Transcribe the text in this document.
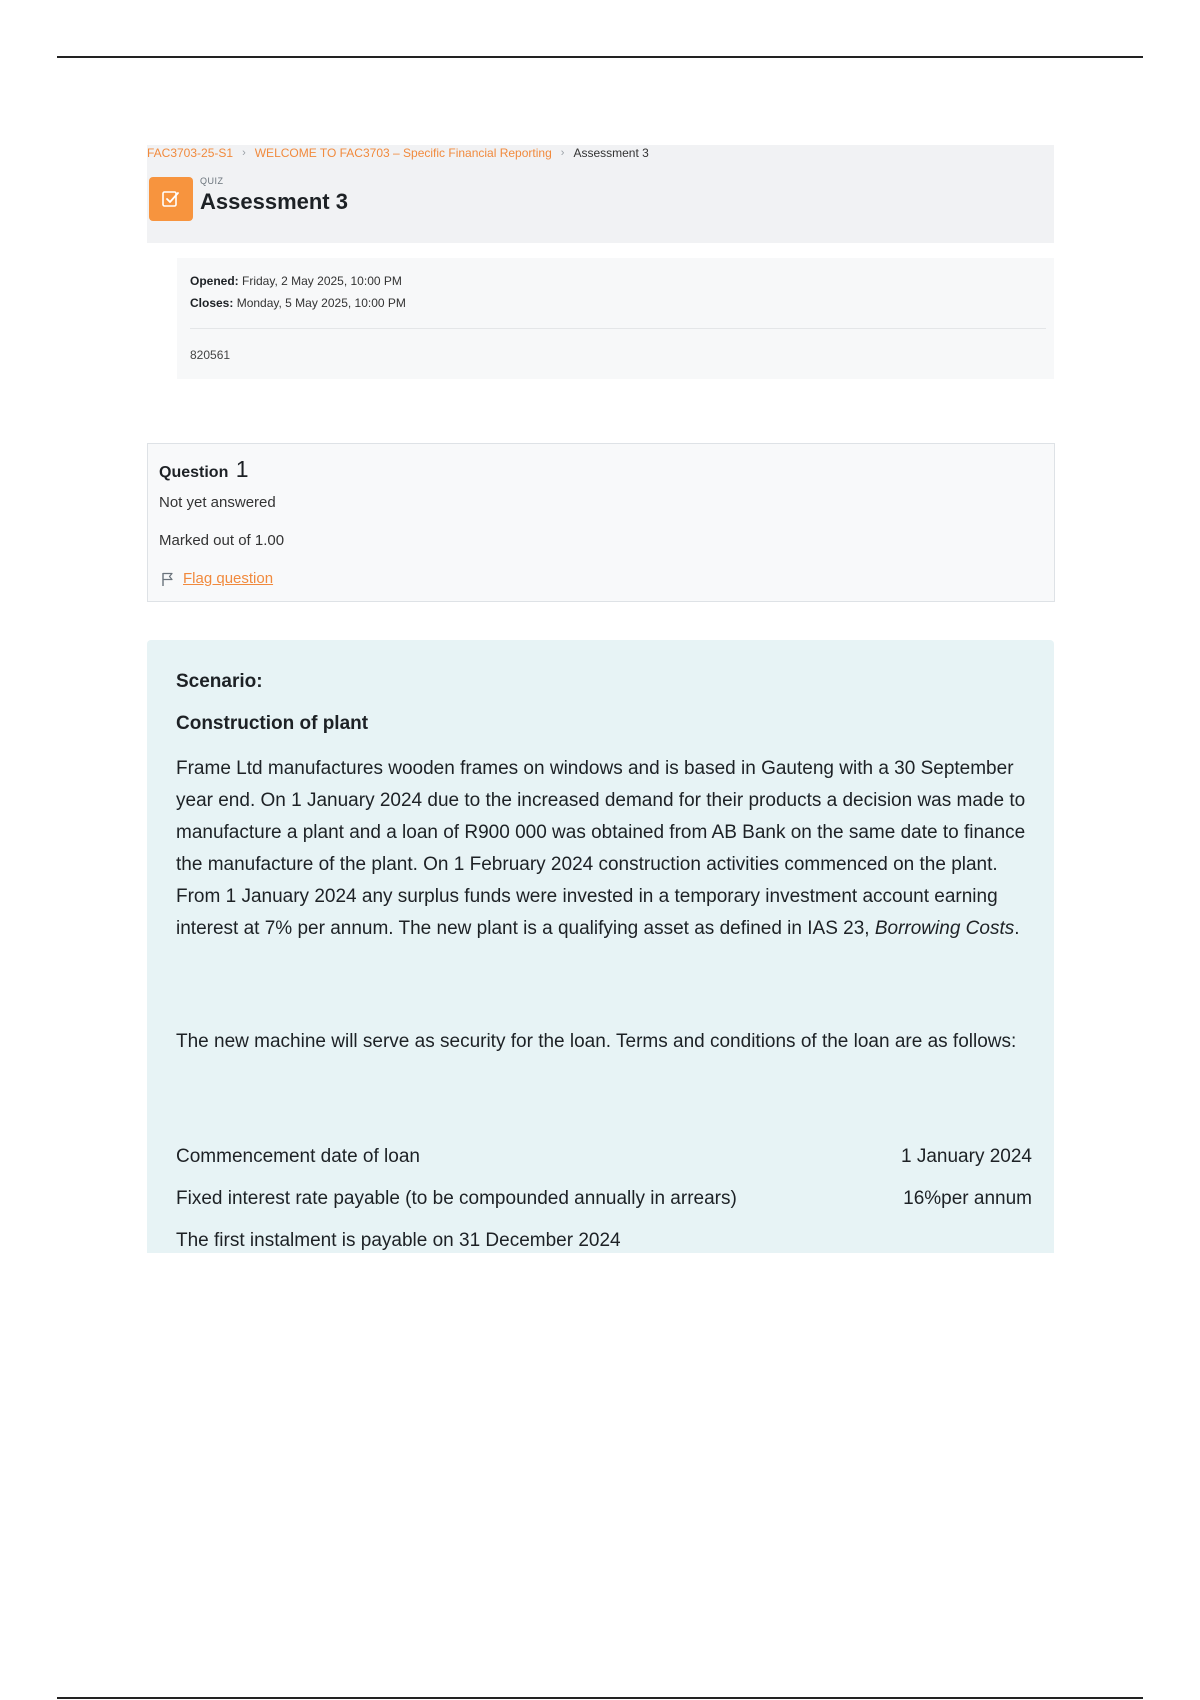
FAC3703-25-S1 › WELCOME TO FAC3703 – Specific Financial Reporting › Assessment 3
QUIZ
Assessment 3
Opened: Friday, 2 May 2025, 10:00 PM
Closes: Monday, 5 May 2025, 10:00 PM
820561
Question 1
Not yet answered
Marked out of 1.00
Flag question
Scenario:
Construction of plant

Frame Ltd manufactures wooden frames on windows and is based in Gauteng with a 30 September year end. On 1 January 2024 due to the increased demand for their products a decision was made to manufacture a plant and a loan of R900 000 was obtained from AB Bank on the same date to finance the manufacture of the plant. On 1 February 2024 construction activities commenced on the plant. From 1 January 2024 any surplus funds were invested in a temporary investment account earning interest at 7% per annum. The new plant is a qualifying asset as defined in IAS 23, Borrowing Costs.

The new machine will serve as security for the loan. Terms and conditions of the loan are as follows:

Commencement date of loan	1 January 2024
Fixed interest rate payable (to be compounded annually in arrears)	16%per annum
The first instalment is payable on 31 December 2024
